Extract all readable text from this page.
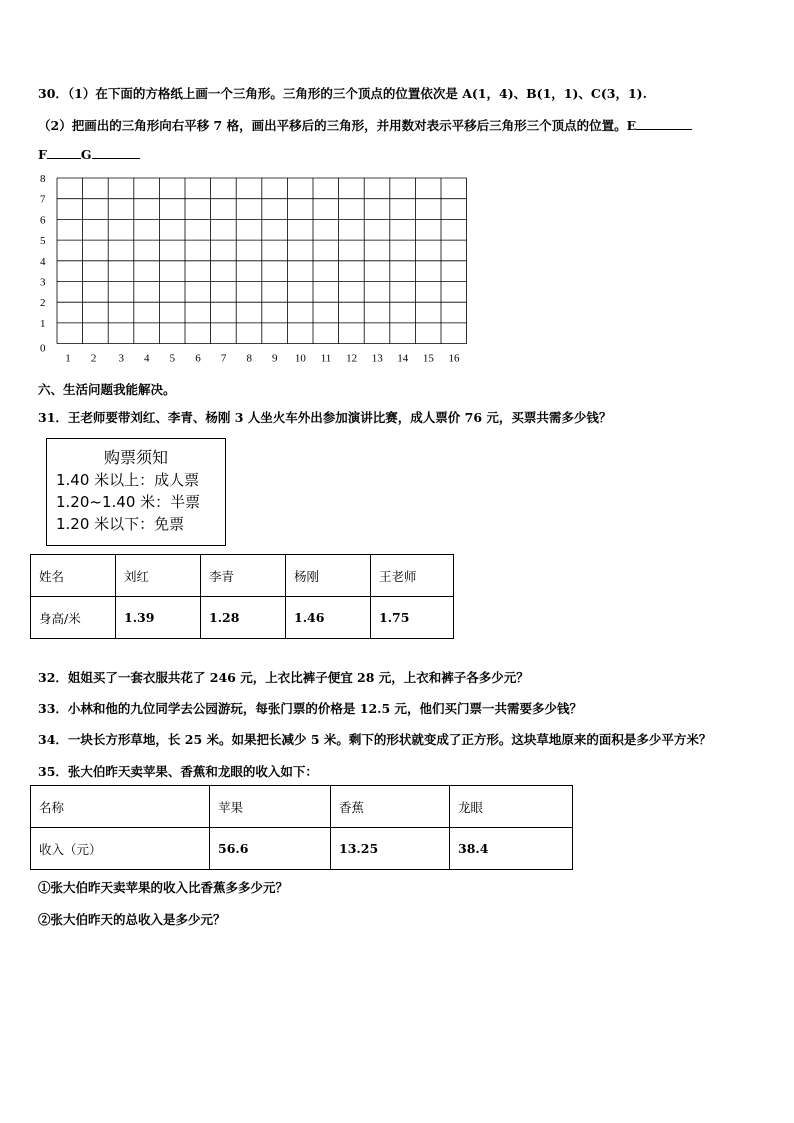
30．（1）在下面的方格纸上画一个三角形。三角形的三个顶点的位置依次是 A(1，4)、B(1，1)、C(3，1).
（2）把画出的三角形向右平移 7 格，画出平移后的三角形，并用数对表示平移后三角形三个顶点的位置。E
F	G
0
1
2
3
4
5
6
7
8
1 2 3 4 5 6 7 8 9 10 11 12 13 14 15 16
六、生活问题我能解决。
31．王老师要带刘红、李青、杨刚 3 人坐火车外出参加演讲比赛，成人票价 76 元，买票共需多少钱？
购票须知
1.40 米以上：成人票
1.20~1.40 米：半票
1.20 米以下：免票
姓名	刘红	李青	杨刚	王老师
身高/米	1.39	1.28	1.46	1.75
32．姐姐买了一套衣服共花了 246 元，上衣比裤子便宜 28 元，上衣和裤子各多少元？
33．小林和他的九位同学去公园游玩，每张门票的价格是 12.5 元，他们买门票一共需要多少钱？
34．一块长方形草地，长 25 米。如果把长减少 5 米。剩下的形状就变成了正方形。这块草地原来的面积是多少平方米？
35．张大伯昨天卖苹果、香蕉和龙眼的收入如下：
名称	苹果	香蕉	龙眼
收入（元）	56.6	13.25	38.4
①张大伯昨天卖苹果的收入比香蕉多多少元？
②张大伯昨天的总收入是多少元？
